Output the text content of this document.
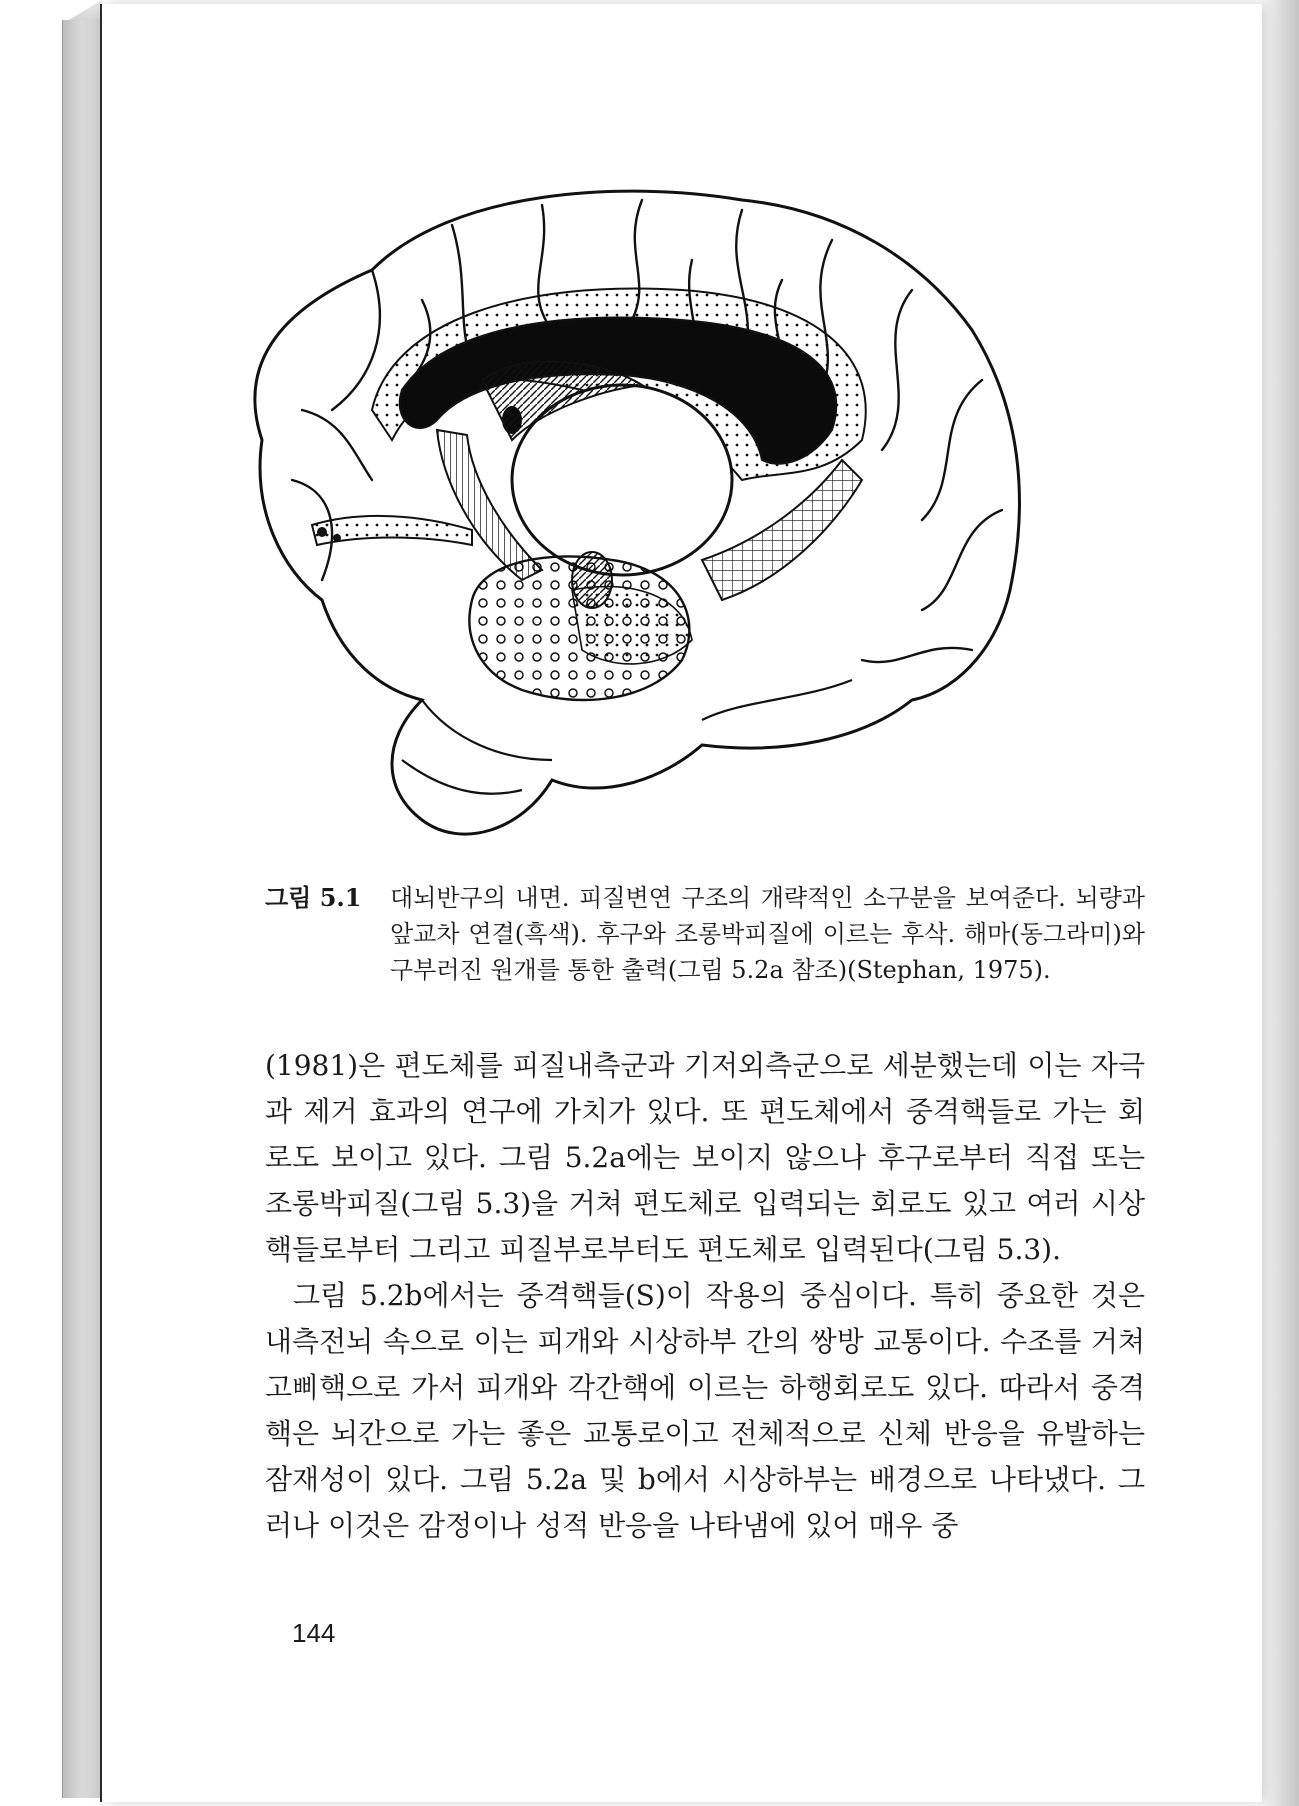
그림 5.1	대뇌반구의 내면. 피질변연 구조의 개략적인 소구분을 보여준다. 뇌량과 앞교차 연결(흑색). 후구와 조롱박피질에 이르는 후삭. 해마(동그라미)와 구부러진 원개를 통한 출력(그림 5.2a 참조)(Stephan, 1975).

(1981)은 편도체를 피질내측군과 기저외측군으로 세분했는데 이는 자극과 제거 효과의 연구에 가치가 있다. 또 편도체에서 중격핵들로 가는 회로도 보이고 있다. 그림 5.2a에는 보이지 않으나 후구로부터 직접 또는 조롱박피질(그림 5.3)을 거쳐 편도체로 입력되는 회로도 있고 여러 시상핵들로부터 그리고 피질부로부터도 편도체로 입력된다(그림 5.3).

그림 5.2b에서는 중격핵들(S)이 작용의 중심이다. 특히 중요한 것은 내측전뇌 속으로 이는 피개와 시상하부 간의 쌍방 교통이다. 수조를 거쳐 고삐핵으로 가서 피개와 각간핵에 이르는 하행회로도 있다. 따라서 중격핵은 뇌간으로 가는 좋은 교통로이고 전체적으로 신체 반응을 유발하는 잠재성이 있다. 그림 5.2a 및 b에서 시상하부는 배경으로 나타냈다. 그러나 이것은 감정이나 성적 반응을 나타냄에 있어 매우 중

144
